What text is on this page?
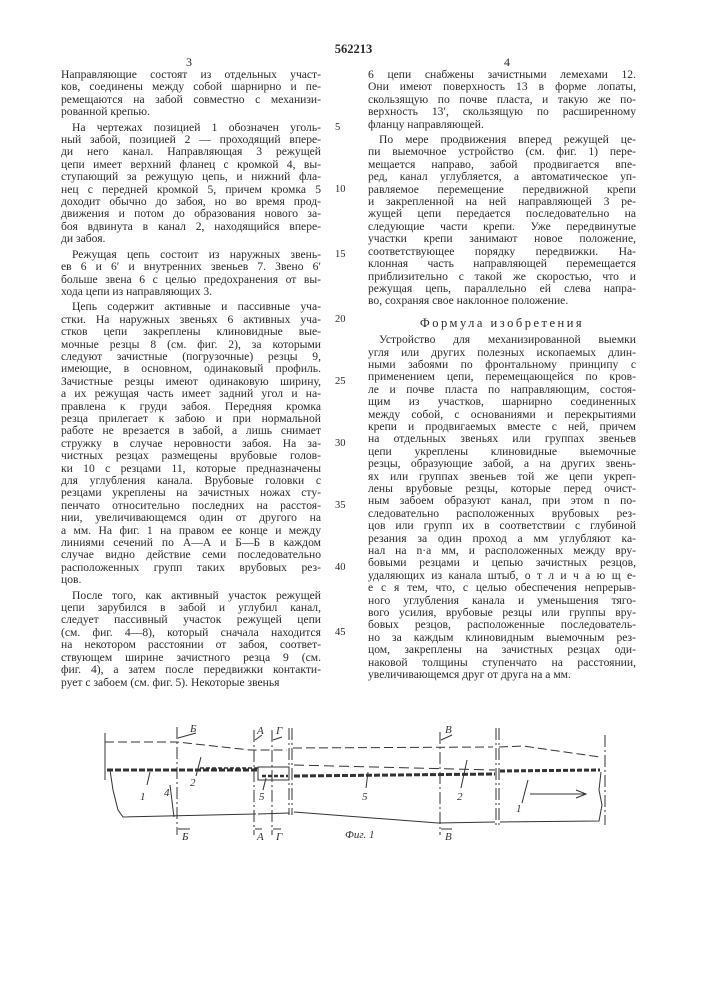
562213
3	4
Направляющие состоят из отдельных участ-
ков, соединены между собой шарнирно и пе-
ремещаются на забой совместно с механизи-
рованной крепью.
На чертежах позицией 1 обозначен уголь- 5
ный забой, позицией 2 — проходящий впере-
ди него канал. Направляющая 3 режущей
цепи имеет верхний фланец с кромкой 4, вы-
ступающий за режущую цепь, и нижний фла-
нец с передней кромкой 5, причем кромка 5 10
доходит обычно до забоя, но во время прод-
движения и потом до образования нового за-
боя вдвинута в канал 2, находящийся впере-
ди забоя.
Режущая цепь состоит из наружных звень- 15
ев 6 и 6′ и внутренних звеньев 7. Звено 6′
больше звена 6 с целью предохранения от вы-
хода цепи из направляющих 3.
Цепь содержит активные и пассивные уча-
стки. На наружных звеньях 6 активных уча- 20
стков цепи закреплены клиновидные вые-
мочные резцы 8 (см. фиг. 2), за которыми
следуют зачистные (погрузочные) резцы 9,
имеющие, в основном, одинаковый профиль.
Зачистные резцы имеют одинаковую ширину, 25
а их режущая часть имеет задний угол и на-
правлена к груди забоя. Передняя кромка
резца прилегает к забою и при нормальной
работе не врезается в забой, а лишь снимает
стружку в случае неровности забоя. На за- 30
чистных резцах размещены врубовые голов-
ки 10 с резцами 11, которые предназначены
для углубления канала. Врубовые головки с
резцами укреплены на зачистных ножах сту-
пенчато относительно последних на расстоя- 35
нии, увеличивающемся один от другого на
a мм. На фиг. 1 на правом ее конце и между
линиями сечений по А—А и Б—Б в каждом
случае видно действие семи последовательно
расположенных групп таких врубовых рез- 40
цов.
После того, как активный участок режущей
цепи зарубился в забой и углубил канал,
следует пассивный участок режущей цепи
(см. фиг. 4—8), который сначала находится 45
на некотором расстоянии от забоя, соответ-
ствующем ширине зачистного резца 9 (см.
фиг. 4), а затем после передвижки контакти-
рует с забоем (см. фиг. 5). Некоторые звенья
6 цепи снабжены зачистными лемехами 12.
Они имеют поверхность 13 в форме лопаты,
скользящую по почве пласта, и такую же по-
верхность 13′, скользящую по расширенному
фланцу направляющей.
По мере продвижения вперед режущей це-
пи выемочное устройство (см. фиг. 1) пере-
мещается направо, забой продвигается впе-
ред, канал углубляется, а автоматическое уп-
равляемое перемещение передвижной крепи
и закрепленной на ней направляющей 3 ре-
жущей цепи передается последовательно на
следующие части крепи. Уже передвинутые
участки крепи занимают новое положение,
соответствующее порядку передвижки. На-
клонная часть направляющей перемещается
приблизительно с такой же скоростью, что и
режущая цепь, параллельно ей слева напра-
во, сохраняя свое наклонное положение.
Формула изобретения
Устройство для механизированной выемки
угля или других полезных ископаемых длин-
ными забоями по фронтальному принципу с
применением цепи, перемещающейся по кров-
ле и почве пласта по направляющим, состоя-
щим из участков, шарнирно соединенных
между собой, с основаниями и перекрытиями
крепи и продвигаемых вместе с ней, причем
на отдельных звеньях или группах звеньев
цепи укреплены клиновидные выемочные
резцы, образующие забой, а на других звень-
ях или группах звеньев той же цепи укреп-
лены врубовые резцы, которые перед очист-
ным забоем образуют канал, при этом n по-
следовательно расположенных врубовых рез-
цов или групп их в соответствии с глубиной
резания за один проход a мм углубляют ка-
нал на n·a мм, и расположенных между вру-
бовыми резцами и цепью зачистных резцов,
удаляющих из канала штыб, о т л и ч а ю щ е-
е с я тем, что, с целью обеспечения непрерыв-
ного углубления канала и уменьшения тяго-
вого усилия, врубовые резцы или группы вру-
бовых резцов, расположенные последователь-
но за каждым клиновидным выемочным рез-
цом, закреплены на зачистных резцах оди-
наковой толщины ступенчато на расстоянии,
увеличивающемся друг от друга на a мм.
1 4
2
5	5	2
1
Б	А Г	В
Б	А Г	В
Фиг. 1
